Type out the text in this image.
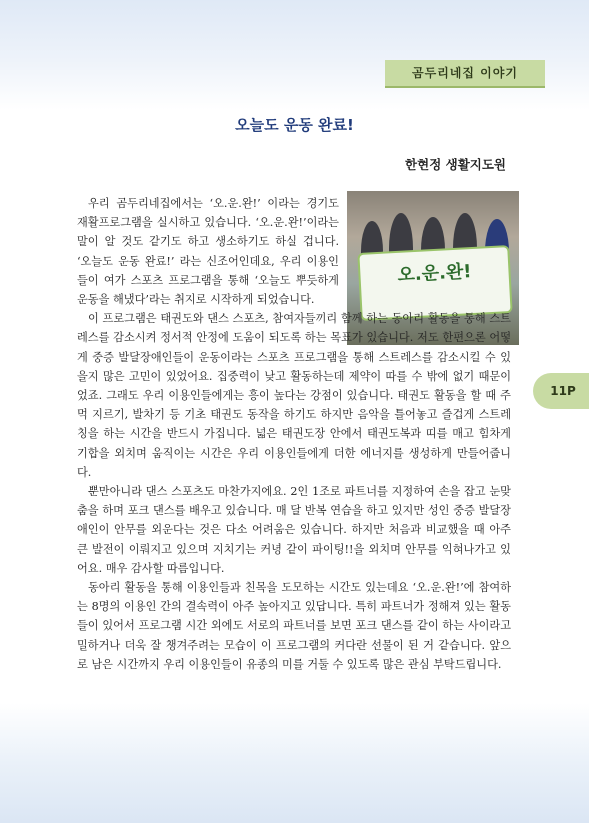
곰두리네집 이야기
오늘도 운동 완료!
한현정 생활지도원
오.운.완!
11P

우리 곰두리네집에서는 ‘오.운.완!’ 이라는 경기도 재활프로그램을 실시하고 있습니다. ‘오.운.완!’이라는 말이 알 것도 같기도 하고 생소하기도 하실 겁니다. ‘오늘도 운동 완료!’ 라는 신조어인데요, 우리 이용인들이 여가 스포츠 프로그램을 통해 ‘오늘도 뿌듯하게 운동을 해냈다’라는 취지로 시작하게 되었습니다.

이 프로그램은 태권도와 댄스 스포츠, 참여자들끼리 함께 하는 동아리 활동을 통해 스트레스를 감소시켜 정서적 안정에 도움이 되도록 하는 목표가 있습니다. 저도 한편으론 어떻게 중증 발달장애인들이 운동이라는 스포츠 프로그램을 통해 스트레스를 감소시킬 수 있을지 많은 고민이 있었어요. 집중력이 낮고 활동하는데 제약이 따를 수 밖에 없기 때문이었죠. 그래도 우리 이용인들에게는 흥이 높다는 강점이 있습니다. 태권도 활동을 할 때 주먹 지르기, 발차기 등 기초 태권도 동작을 하기도 하지만 음악을 틀어놓고 즐겁게 스트레칭을 하는 시간을 반드시 가집니다. 넓은 태권도장 안에서 태권도복과 띠를 매고 힘차게 기합을 외치며 움직이는 시간은 우리 이용인들에게 더한 에너지를 생성하게 만들어줍니다.

뿐만아니라 댄스 스포츠도 마찬가지에요. 2인 1조로 파트너를 지정하여 손을 잡고 눈맞춤을 하며 포크 댄스를 배우고 있습니다. 매 달 반복 연습을 하고 있지만 성인 중증 발달장애인이 안무를 외운다는 것은 다소 어려움은 있습니다. 하지만 처음과 비교했을 때 아주 큰 발전이 이뤄지고 있으며 지치기는 커녕 같이 파이팅!!을 외치며 안무를 익혀나가고 있어요. 매우 감사할 따름입니다.

동아리 활동을 통해 이용인들과 친목을 도모하는 시간도 있는데요 ‘오.운.완!’에 참여하는 8명의 이용인 간의 결속력이 아주 높아지고 있답니다. 특히 파트너가 정해져 있는 활동들이 있어서 프로그램 시간 외에도 서로의 파트너를 보면 포크 댄스를 같이 하는 사이라고 밀하거나 더욱 잘 챙겨주려는 모습이 이 프로그램의 커다란 선물이 된 거 같습니다. 앞으로 남은 시간까지 우리 이용인들이 유종의 미를 거둘 수 있도록 많은 관심 부탁드립니다.
